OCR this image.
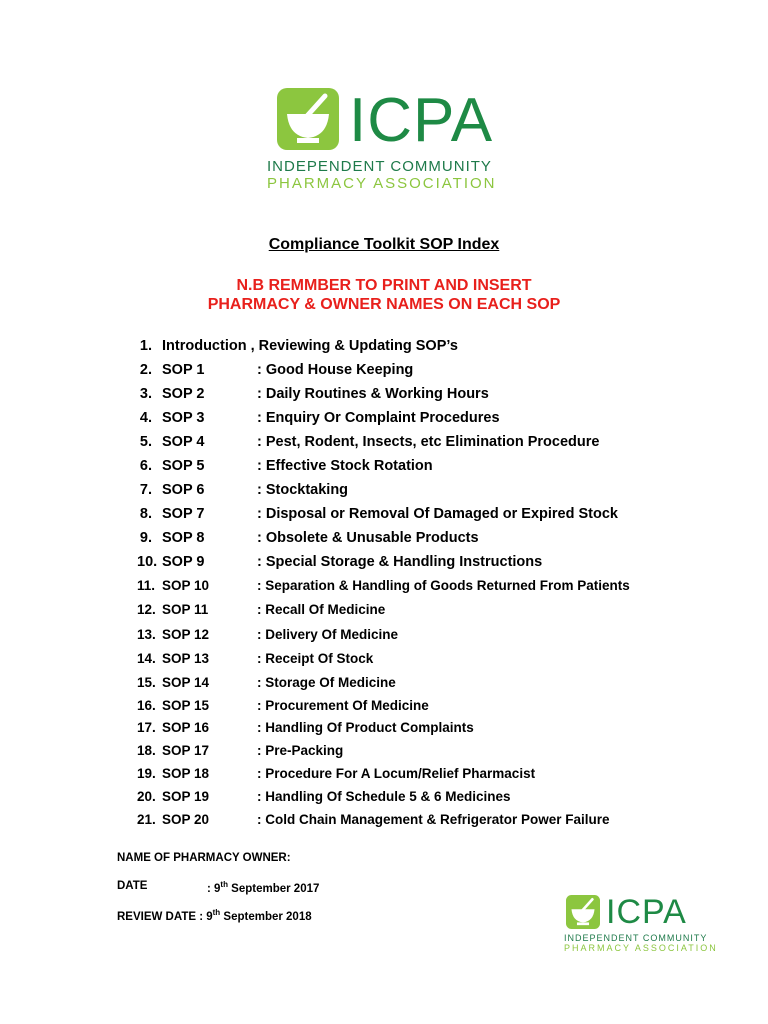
ICPA
INDEPENDENT COMMUNITY
PHARMACY ASSOCIATION
Compliance Toolkit SOP Index
N.B REMMBER TO PRINT AND INSERT
PHARMACY & OWNER NAMES ON EACH SOP
1. Introduction , Reviewing & Updating SOP’s
2. SOP 1	: Good House Keeping
3. SOP 2	: Daily Routines & Working Hours
4. SOP 3	: Enquiry Or Complaint Procedures
5. SOP 4	: Pest, Rodent, Insects, etc Elimination Procedure
6. SOP 5	: Effective Stock Rotation
7. SOP 6	: Stocktaking
8. SOP 7	: Disposal or Removal Of Damaged or Expired Stock
9. SOP 8	: Obsolete & Unusable Products
10. SOP 9	: Special Storage & Handling Instructions
11. SOP 10	: Separation & Handling of Goods Returned From Patients
12. SOP 11	: Recall Of Medicine
13. SOP 12	: Delivery Of Medicine
14. SOP 13	: Receipt Of Stock
15. SOP 14	: Storage Of Medicine
16. SOP 15	: Procurement Of Medicine
17. SOP 16	: Handling Of Product Complaints
18. SOP 17	: Pre-Packing
19. SOP 18	: Procedure For A Locum/Relief Pharmacist
20. SOP 19	: Handling Of Schedule 5 & 6 Medicines
21. SOP 20	: Cold Chain Management & Refrigerator Power Failure
NAME OF PHARMACY OWNER:
DATE	: 9th September 2017
REVIEW DATE : 9th September 2018	ICPA
INDEPENDENT COMMUNITY
PHARMACY ASSOCIATION
